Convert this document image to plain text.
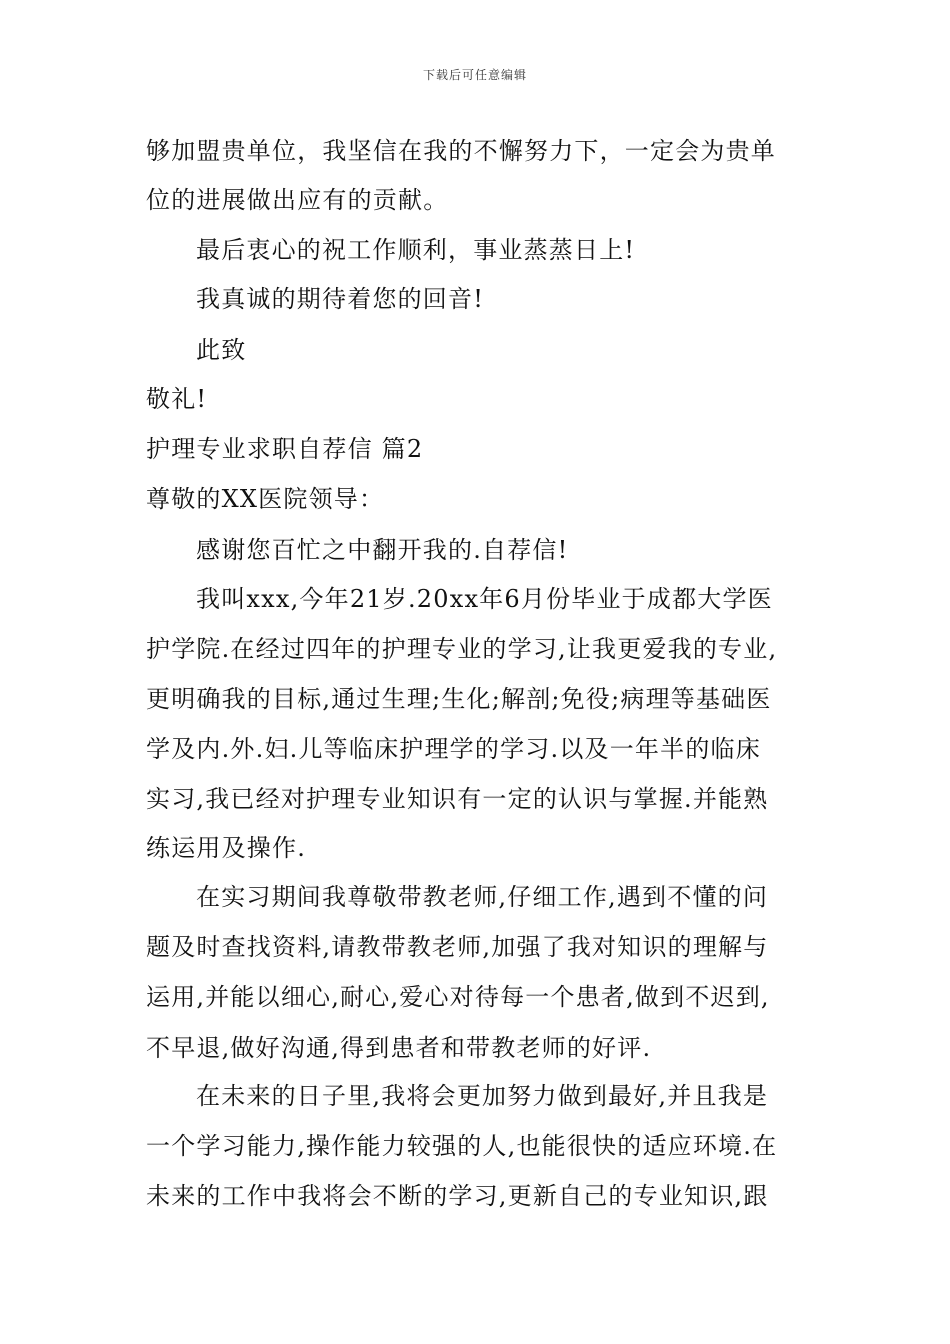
下载后可任意编辑
够加盟贵单位，我坚信在我的不懈努力下，一定会为贵单
位的进展做出应有的贡献。
最后衷心的祝工作顺利，事业蒸蒸日上!
我真诚的期待着您的回音!
此致
敬礼!
护理专业求职自荐信 篇2
尊敬的XX医院领导：
感谢您百忙之中翻开我的.自荐信!
我叫xxx,今年21岁.20xx年6月份毕业于成都大学医
护学院.在经过四年的护理专业的学习,让我更爱我的专业,
更明确我的目标,通过生理;生化;解剖;免役;病理等基础医
学及内.外.妇.儿等临床护理学的学习.以及一年半的临床
实习,我已经对护理专业知识有一定的认识与掌握.并能熟
练运用及操作.
在实习期间我尊敬带教老师,仔细工作,遇到不懂的问
题及时查找资料,请教带教老师,加强了我对知识的理解与
运用,并能以细心,耐心,爱心对待每一个患者,做到不迟到,
不早退,做好沟通,得到患者和带教老师的好评.
在未来的日子里,我将会更加努力做到最好,并且我是
一个学习能力,操作能力较强的人,也能很快的适应环境.在
未来的工作中我将会不断的学习,更新自己的专业知识,跟
